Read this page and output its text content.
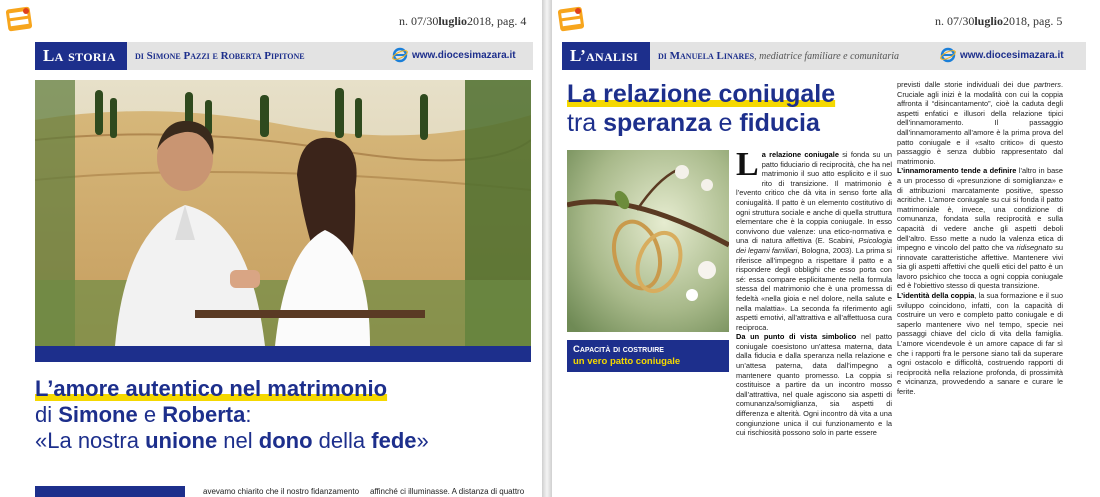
n. 07/30luglio2018, pag. 4
La storia	di Simone Pazzi e Roberta Pipitone	www.diocesimazara.it
L’amore autentico nel matrimonio
di Simone e Roberta:
«La nostra unione nel dono della fede»
avevamo chiarito che il nostro fidanzamento	affinché ci illuminasse. A distanza di quattro
n. 07/30luglio2018, pag. 5
L’analisi	di Manuela Linares, mediatrice familiare e comunitaria	www.diocesimazara.it
La relazione coniugale
tra speranza e fiducia
Capacità di costruire
un vero patto coniugale
La relazione coniugale si fonda su un patto fiduciario di reciprocità, che ha nel matrimonio il suo atto esplicito e il suo rito di transizione. Il matrimonio è l’evento critico che dà vita in senso forte alla coniugalità. Il patto è un elemento costitutivo di ogni struttura sociale e anche di quella struttura elementare che è la coppia coniugale. In esso convivono due valenze: una etico-normativa e una di natura affettiva (E. Scabini, Psicologia dei legami familiari, Bologna, 2003). La prima si riferisce all’impegno a rispettare il patto e a rispondere degli obblighi che esso porta con sé: essa compare esplicitamente nella formula stessa del matrimonio che è una promessa di fedeltà «nella gioia e nel dolore, nella salute e nella malattia». La seconda fa riferimento agli aspetti emotivi, all’attrattiva e all’affettuosa cura reciproca.
Da un punto di vista simbolico nel patto coniugale coesistono un’attesa materna, data dalla fiducia e dalla speranza nella relazione e un’attesa paterna, data dall’impegno a mantenere quanto promesso. La coppia si costituisce a partire da un incontro mosso dall’attrattiva, nel quale agiscono sia aspetti di comunanza/somiglianza, sia aspetti di differenza e alterità. Ogni incontro dà vita a una congiunzione unica il cui funzionamento e la cui rischiosità possono solo in parte essere
previsti dalle storie individuali dei due partners. Cruciale agli inizi è la modalità con cui la coppia affronta il “disincantamento”, cioè la caduta degli aspetti enfatici e illusori della relazione tipici dell’innamoramento. Il passaggio dall’innamoramento all’amore è la prima prova del patto coniugale e il «salto critico» di questo passaggio è senza dubbio rappresentato dal matrimonio.
L’innamoramento tende a definire l’altro in base a un processo di «presunzione di somiglianza» e di attribuzioni marcatamente positive, spesso acritiche. L’amore coniugale su cui si fonda il patto matrimoniale è, invece, una condizione di comunanza, fondata sulla reciprocità e sulla capacità di vedere anche gli aspetti deboli dell’altro. Esso mette a nudo la valenza etica di impegno e vincolo del patto che va ridisegnato su rinnovate caratteristiche affettive. Mantenere vivi sia gli aspetti affettivi che quelli etici del patto è un lavoro psichico che tocca a ogni coppia coniugale ed è l’obiettivo stesso di questa transizione.
L’identità della coppia, la sua formazione e il suo sviluppo coincidono, infatti, con la capacità di costruire un vero e completo patto coniugale e di saperlo mantenere vivo nel tempo, specie nei passaggi chiave del ciclo di vita della famiglia. L’amore vicendevole è un amore capace di far sì che i rapporti fra le persone siano tali da superare ogni ostacolo e difficoltà, costruendo rapporti di reciprocità nella relazione profonda, di prossimità e vicinanza, provvedendo a sanare e curare le ferite.
